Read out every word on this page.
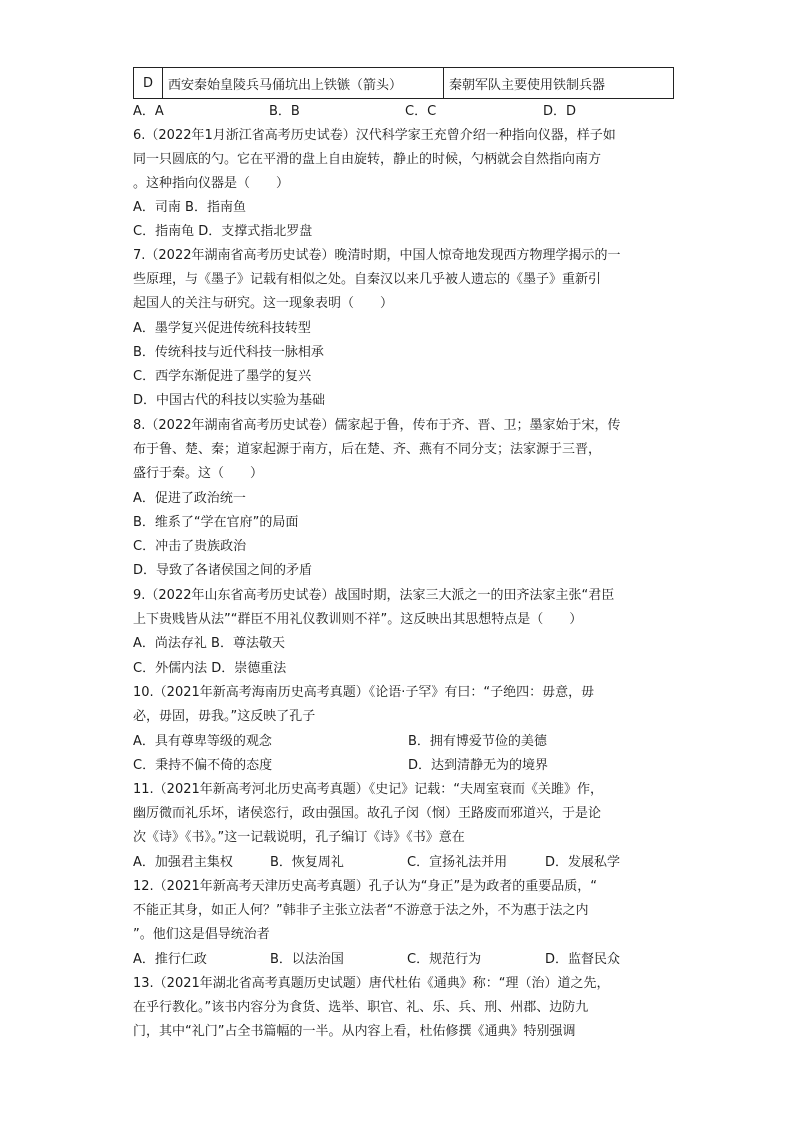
D	西安秦始皇陵兵马俑坑出上铁镞（箭头）	秦朝军队主要使用铁制兵器
A．A	B．B	C．C	D．D
6.（2022年1月浙江省高考历史试卷）汉代科学家王充曾介绍一种指向仪器，样子如
同一只圆底的勺。它在平滑的盘上自由旋转，静止的时候，勺柄就会自然指向南方
。这种指向仪器是（　　）
A．司南 B．指南鱼
C．指南龟 D．支撑式指北罗盘
7.（2022年湖南省高考历史试卷）晚清时期，中国人惊奇地发现西方物理学揭示的一
些原理，与《墨子》记载有相似之处。自秦汉以来几乎被人遗忘的《墨子》重新引
起国人的关注与研究。这一现象表明（　　）
A．墨学复兴促进传统科技转型
B．传统科技与近代科技一脉相承
C．西学东渐促进了墨学的复兴
D．中国古代的科技以实验为基础
8.（2022年湖南省高考历史试卷）儒家起于鲁，传布于齐、晋、卫；墨家始于宋，传
布于鲁、楚、秦；道家起源于南方，后在楚、齐、燕有不同分支；法家源于三晋，
盛行于秦。这（　　）
A．促进了政治统一
B．维系了“学在官府”的局面
C．冲击了贵族政治
D．导致了各诸侯国之间的矛盾
9.（2022年山东省高考历史试卷）战国时期，法家三大派之一的田齐法家主张“君臣
上下贵贱皆从法”“群臣不用礼仪教训则不祥”。这反映出其思想特点是（　　）
A．尚法存礼 B．尊法敬天
C．外儒内法 D．崇德重法
10.（2021年新高考海南历史高考真题）《论语·子罕》有曰：“子绝四：毋意，毋
必，毋固，毋我。”这反映了孔子
A．具有尊卑等级的观念	B．拥有博爱节俭的美德
C．秉持不偏不倚的态度	D．达到清静无为的境界
11.（2021年新高考河北历史高考真题）《史记》记载：“夫周室衰而《关雎》作，
幽厉微而礼乐坏，诸侯恣行，政由强国。故孔子闵（悯）王路废而邪道兴，于是论
次《诗》《书》。”这一记载说明，孔子编订《诗》《书》意在
A．加强君主集权	B．恢复周礼	C．宣扬礼法并用	D．发展私学
12.（2021年新高考天津历史高考真题）孔子认为“身正”是为政者的重要品质，“
不能正其身，如正人何？”韩非子主张立法者“不游意于法之外，不为惠于法之内
”。他们这是倡导统治者
A．推行仁政	B．以法治国	C．规范行为	D．监督民众
13.（2021年湖北省高考真题历史试题）唐代杜佑《通典》称：“理（治）道之先，
在乎行教化。”该书内容分为食货、选举、职官、礼、乐、兵、刑、州郡、边防九
门，其中“礼门”占全书篇幅的一半。从内容上看，杜佑修撰《通典》特别强调
